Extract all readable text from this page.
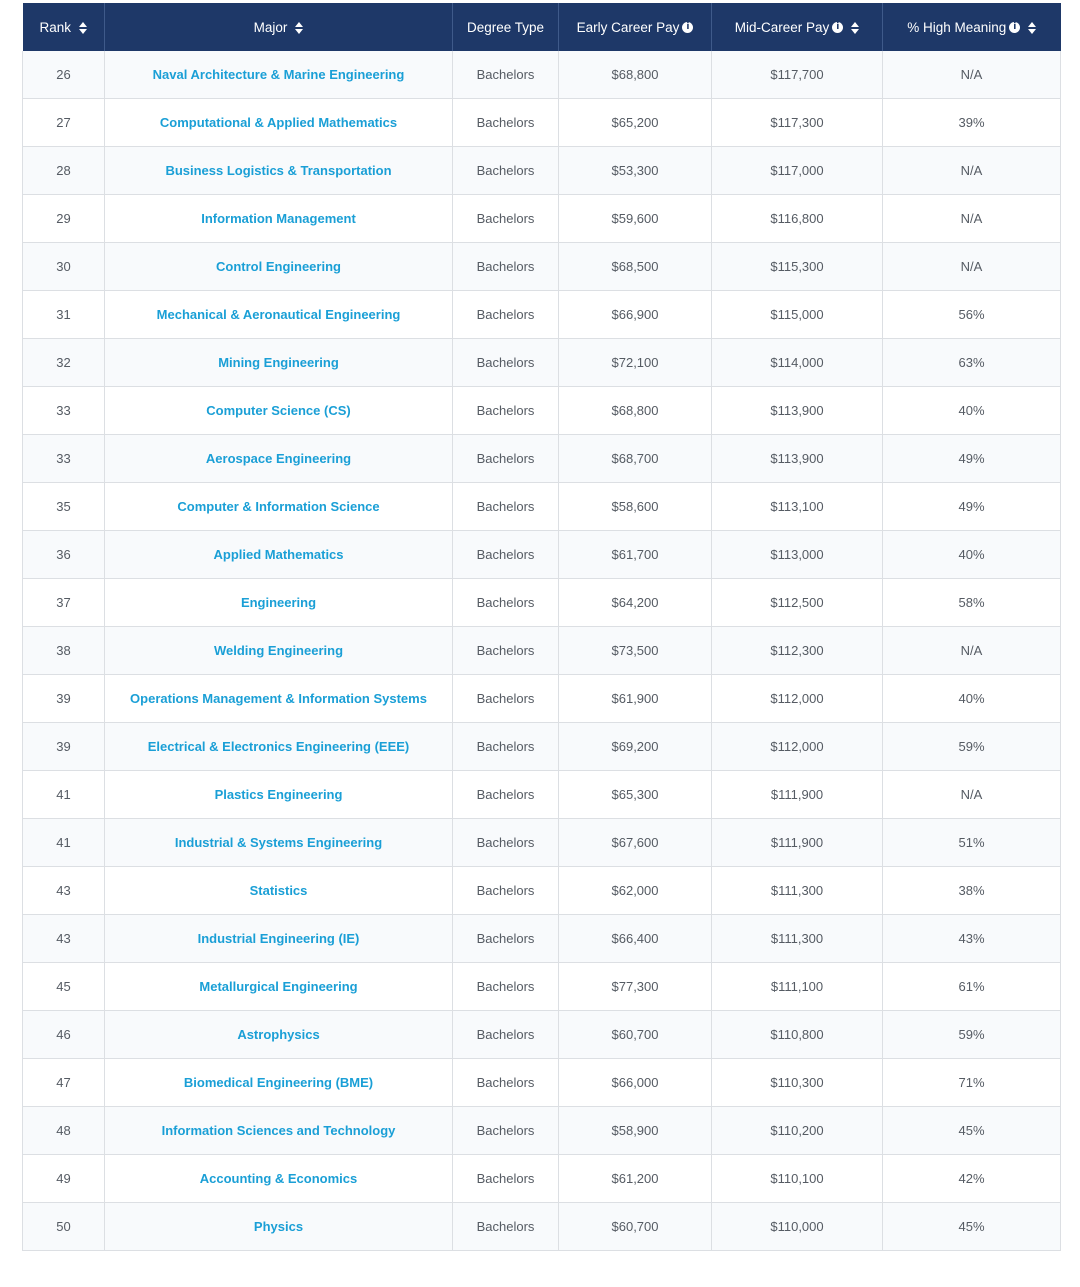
Rank	Major	Degree Type	Early Career Pay i	Mid-Career Pay i	% High Meaning i
26	Naval Architecture & Marine Engineering	Bachelors	$68,800	$117,700	N/A
27	Computational & Applied Mathematics	Bachelors	$65,200	$117,300	39%
28	Business Logistics & Transportation	Bachelors	$53,300	$117,000	N/A
29	Information Management	Bachelors	$59,600	$116,800	N/A
30	Control Engineering	Bachelors	$68,500	$115,300	N/A
31	Mechanical & Aeronautical Engineering	Bachelors	$66,900	$115,000	56%
32	Mining Engineering	Bachelors	$72,100	$114,000	63%
33	Computer Science (CS)	Bachelors	$68,800	$113,900	40%
33	Aerospace Engineering	Bachelors	$68,700	$113,900	49%
35	Computer & Information Science	Bachelors	$58,600	$113,100	49%
36	Applied Mathematics	Bachelors	$61,700	$113,000	40%
37	Engineering	Bachelors	$64,200	$112,500	58%
38	Welding Engineering	Bachelors	$73,500	$112,300	N/A
39	Operations Management & Information Systems	Bachelors	$61,900	$112,000	40%
39	Electrical & Electronics Engineering (EEE)	Bachelors	$69,200	$112,000	59%
41	Plastics Engineering	Bachelors	$65,300	$111,900	N/A
41	Industrial & Systems Engineering	Bachelors	$67,600	$111,900	51%
43	Statistics	Bachelors	$62,000	$111,300	38%
43	Industrial Engineering (IE)	Bachelors	$66,400	$111,300	43%
45	Metallurgical Engineering	Bachelors	$77,300	$111,100	61%
46	Astrophysics	Bachelors	$60,700	$110,800	59%
47	Biomedical Engineering (BME)	Bachelors	$66,000	$110,300	71%
48	Information Sciences and Technology	Bachelors	$58,900	$110,200	45%
49	Accounting & Economics	Bachelors	$61,200	$110,100	42%
50	Physics	Bachelors	$60,700	$110,000	45%
